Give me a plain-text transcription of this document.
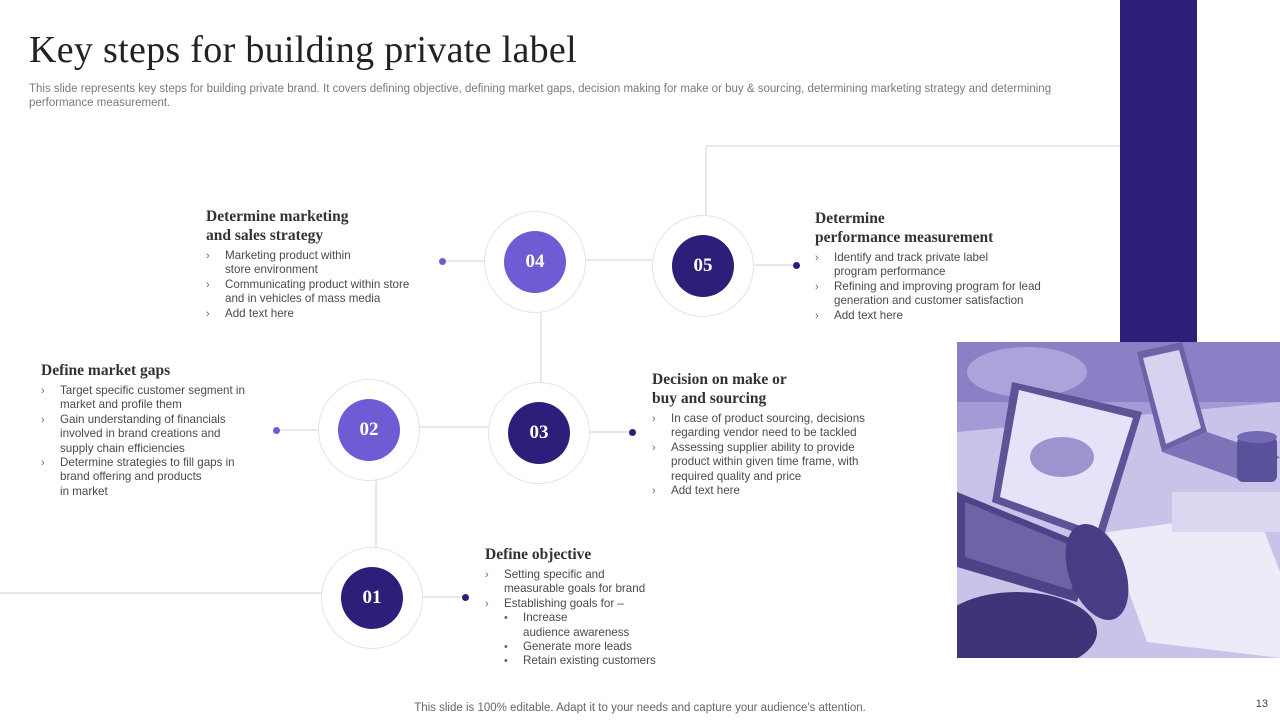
Key steps for building private label
This slide represents key steps for building private brand. It covers defining objective, defining market gaps, decision making for make or buy & sourcing, determining marketing strategy and determining performance measurement.
01
02	03
04	05
Define objective
›	Setting specific and
measurable goals for brand
›	Establishing goals for –
•	Increase
audience awareness
•	Generate more leads
•	Retain existing customers
Define market gaps
›	Target specific customer segment in
market and profile them
›	Gain understanding of financials
involved in brand creations and
supply chain efficiencies
›	Determine strategies to fill gaps in
brand offering and products
in market
Decision on make or
buy and sourcing
›	In case of product sourcing, decisions
regarding vendor need to be tackled
›	Assessing supplier ability to provide
product within given time frame, with
required quality and price
›	Add text here
Determine marketing
and sales strategy
›	Marketing product within
store environment
›	Communicating product within store
and in vehicles of mass media
›	Add text here
Determine
performance measurement
›	Identify and track private label
program performance
›	Refining and improving program for lead
generation and customer satisfaction
›	Add text here
This slide is 100% editable. Adapt it to your needs and capture your audience's attention.	13
